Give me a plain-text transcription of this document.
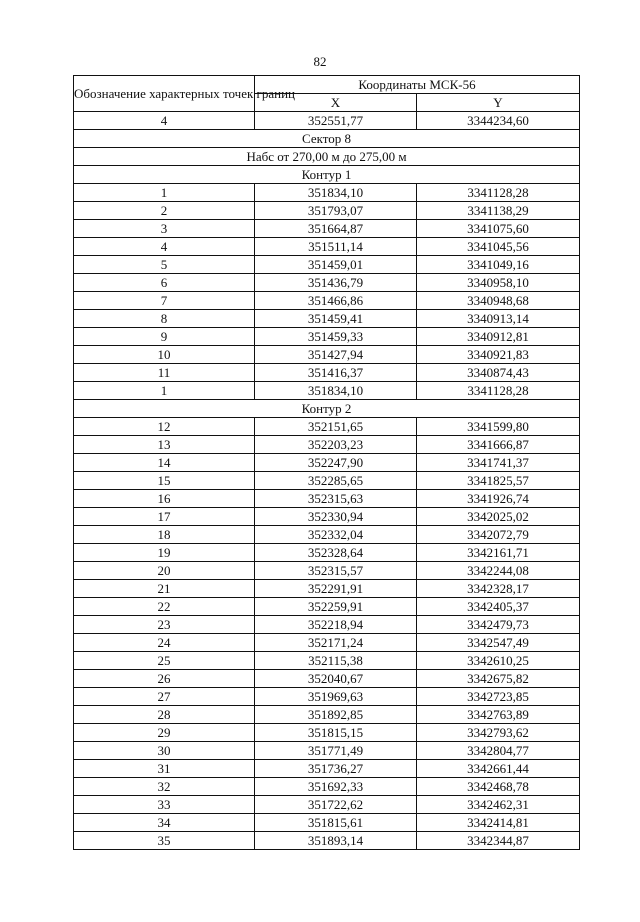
82
Обозначение характерных точек границ	Координаты МСК-56	
	X	Y
4	352551,77	3344234,60
Сектор 8		
Набс от 270,00 м до 275,00 м		
Контур 1		
1	351834,10	3341128,28
2	351793,07	3341138,29
3	351664,87	3341075,60
4	351511,14	3341045,56
5	351459,01	3341049,16
6	351436,79	3340958,10
7	351466,86	3340948,68
8	351459,41	3340913,14
9	351459,33	3340912,81
10	351427,94	3340921,83
11	351416,37	3340874,43
1	351834,10	3341128,28
Контур 2		
12	352151,65	3341599,80
13	352203,23	3341666,87
14	352247,90	3341741,37
15	352285,65	3341825,57
16	352315,63	3341926,74
17	352330,94	3342025,02
18	352332,04	3342072,79
19	352328,64	3342161,71
20	352315,57	3342244,08
21	352291,91	3342328,17
22	352259,91	3342405,37
23	352218,94	3342479,73
24	352171,24	3342547,49
25	352115,38	3342610,25
26	352040,67	3342675,82
27	351969,63	3342723,85
28	351892,85	3342763,89
29	351815,15	3342793,62
30	351771,49	3342804,77
31	351736,27	3342661,44
32	351692,33	3342468,78
33	351722,62	3342462,31
34	351815,61	3342414,81
35	351893,14	3342344,87
